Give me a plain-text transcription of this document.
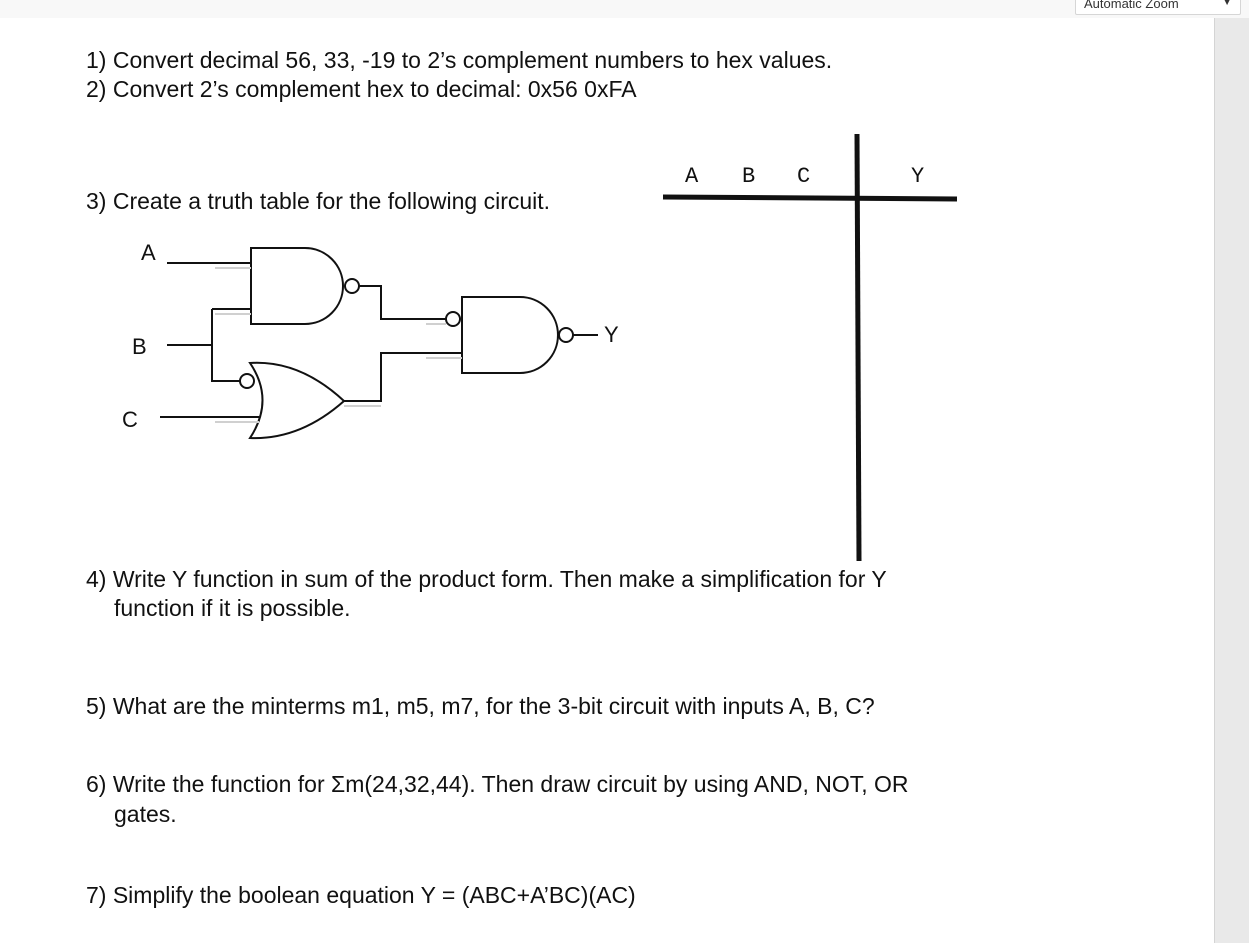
Automatic Zoom	▼

1) Convert decimal 56, 33, -19 to 2’s complement numbers to hex values.

2) Convert 2’s complement hex to decimal: 0x56 0xFA

3) Create a truth table for the following circuit.

A
B
C
Y
A B C	Y

4) Write Y function in sum of the product form. Then make a simplification for Y

function if it is possible.

5) What are the minterms m1, m5, m7, for the 3-bit circuit with inputs A, B, C?

6) Write the function for Σm(24,32,44). Then draw circuit by using AND, NOT, OR

gates.

7) Simplify the boolean equation Y = (ABC+A’BC)(AC)
